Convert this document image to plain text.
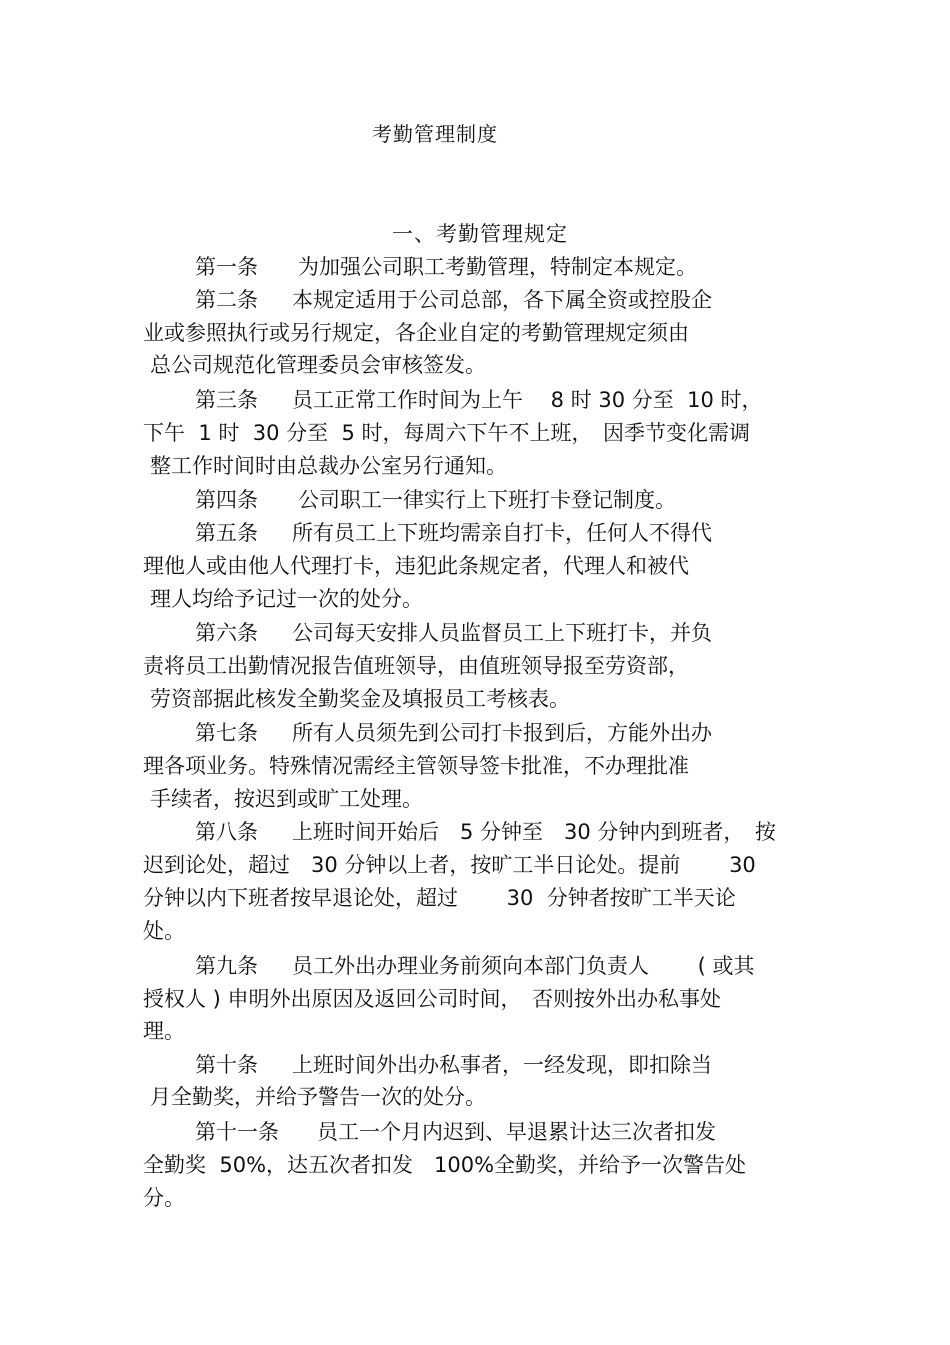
考勤管理制度
一、考勤管理规定
第一条 为加强公司职工考勤管理，特制定本规定。
第二条 本规定适用于公司总部，各下属全资或控股企
业或参照执行或另行规定，各企业自定的考勤管理规定须由
总公司规范化管理委员会审核签发。
第三条 员工正常工作时间为上午　 8 时 30 分至  10 时，
下午  1 时  30 分至  5 时，每周六下午不上班，　因季节变化需调
整工作时间时由总裁办公室另行通知。
第四条 公司职工一律实行上下班打卡登记制度。
第五条 所有员工上下班均需亲自打卡，任何人不得代
理他人或由他人代理打卡，违犯此条规定者，代理人和被代
理人均给予记过一次的处分。
第六条 公司每天安排人员监督员工上下班打卡，并负
责将员工出勤情况报告值班领导，由值班领导报至劳资部，
劳资部据此核发全勤奖金及填报员工考核表。
第七条 所有人员须先到公司打卡报到后，方能外出办
理各项业务。特殊情况需经主管领导签卡批准，不办理批准
手续者，按迟到或旷工处理。
第八条 上班时间开始后　5 分钟至　30 分钟内到班者，　按
迟到论处，超过　30 分钟以上者，按旷工半日论处。提前　　 30
分钟以内下班者按早退论处，超过　　 30  分钟者按旷工半天论
处。
第九条 员工外出办理业务前须向本部门负责人　　 ( 或其
授权人 ) 申明外出原因及返回公司时间，　否则按外出办私事处
理。
第十条 上班时间外出办私事者，一经发现，即扣除当
月全勤奖，并给予警告一次的处分。
第十一条 员工一个月内迟到、早退累计达三次者扣发
全勤奖  50%，达五次者扣发　100%全勤奖，并给予一次警告处
分。
